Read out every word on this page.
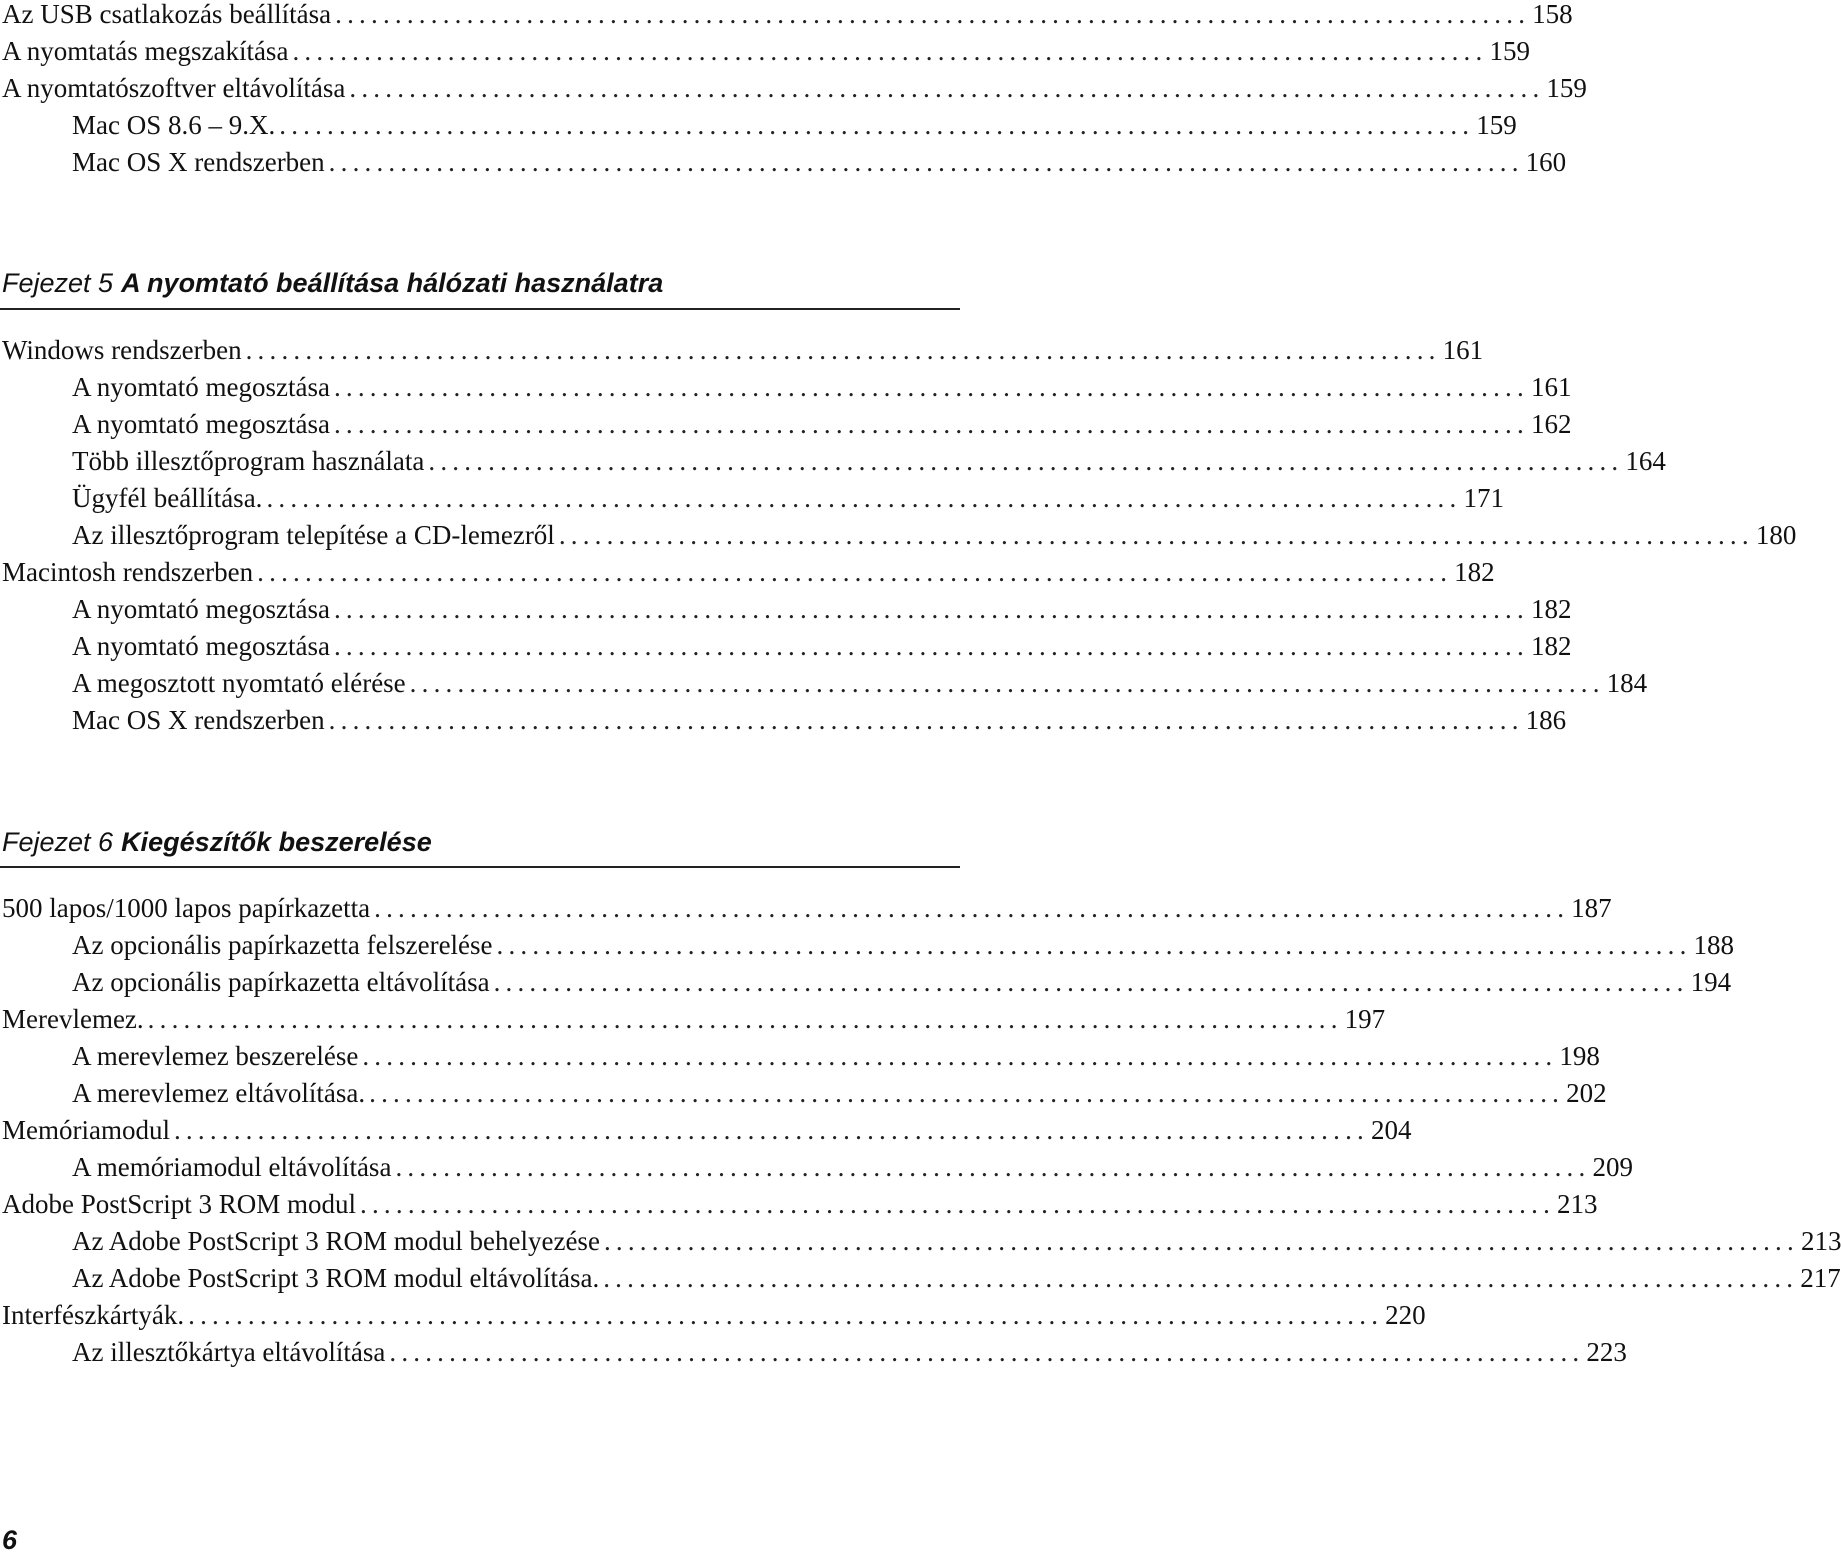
Az USB csatlakozás beállítása .................................................................................................... 158
A nyomtatás megszakítása .................................................................................................... 159
A nyomtatószoftver eltávolítása .................................................................................................... 159
Mac OS 8.6 – 9.X. .................................................................................................... 159
Mac OS X rendszerben .................................................................................................... 160
Fejezet 5 A nyomtató beállítása hálózati használatra
Windows rendszerben .................................................................................................... 161
A nyomtató megosztása .................................................................................................... 161
A nyomtató megosztása .................................................................................................... 162
Több illesztőprogram használata .................................................................................................... 164
Ügyfél beállítása. .................................................................................................... 171
Az illesztőprogram telepítése a CD-lemezről .................................................................................................... 180
Macintosh rendszerben .................................................................................................... 182
A nyomtató megosztása .................................................................................................... 182
A nyomtató megosztása .................................................................................................... 182
A megosztott nyomtató elérése .................................................................................................... 184
Mac OS X rendszerben .................................................................................................... 186
Fejezet 6 Kiegészítők beszerelése
500 lapos/1000 lapos papírkazetta .................................................................................................... 187
Az opcionális papírkazetta felszerelése .................................................................................................... 188
Az opcionális papírkazetta eltávolítása .................................................................................................... 194
Merevlemez. .................................................................................................... 197
A merevlemez beszerelése .................................................................................................... 198
A merevlemez eltávolítása. .................................................................................................... 202
Memóriamodul .................................................................................................... 204
A memóriamodul eltávolítása .................................................................................................... 209
Adobe PostScript 3 ROM modul .................................................................................................... 213
Az Adobe PostScript 3 ROM modul behelyezése .................................................................................................... 213
Az Adobe PostScript 3 ROM modul eltávolítása. .................................................................................................... 217
Interfészkártyák. .................................................................................................... 220
Az illesztőkártya eltávolítása .................................................................................................... 223
6
